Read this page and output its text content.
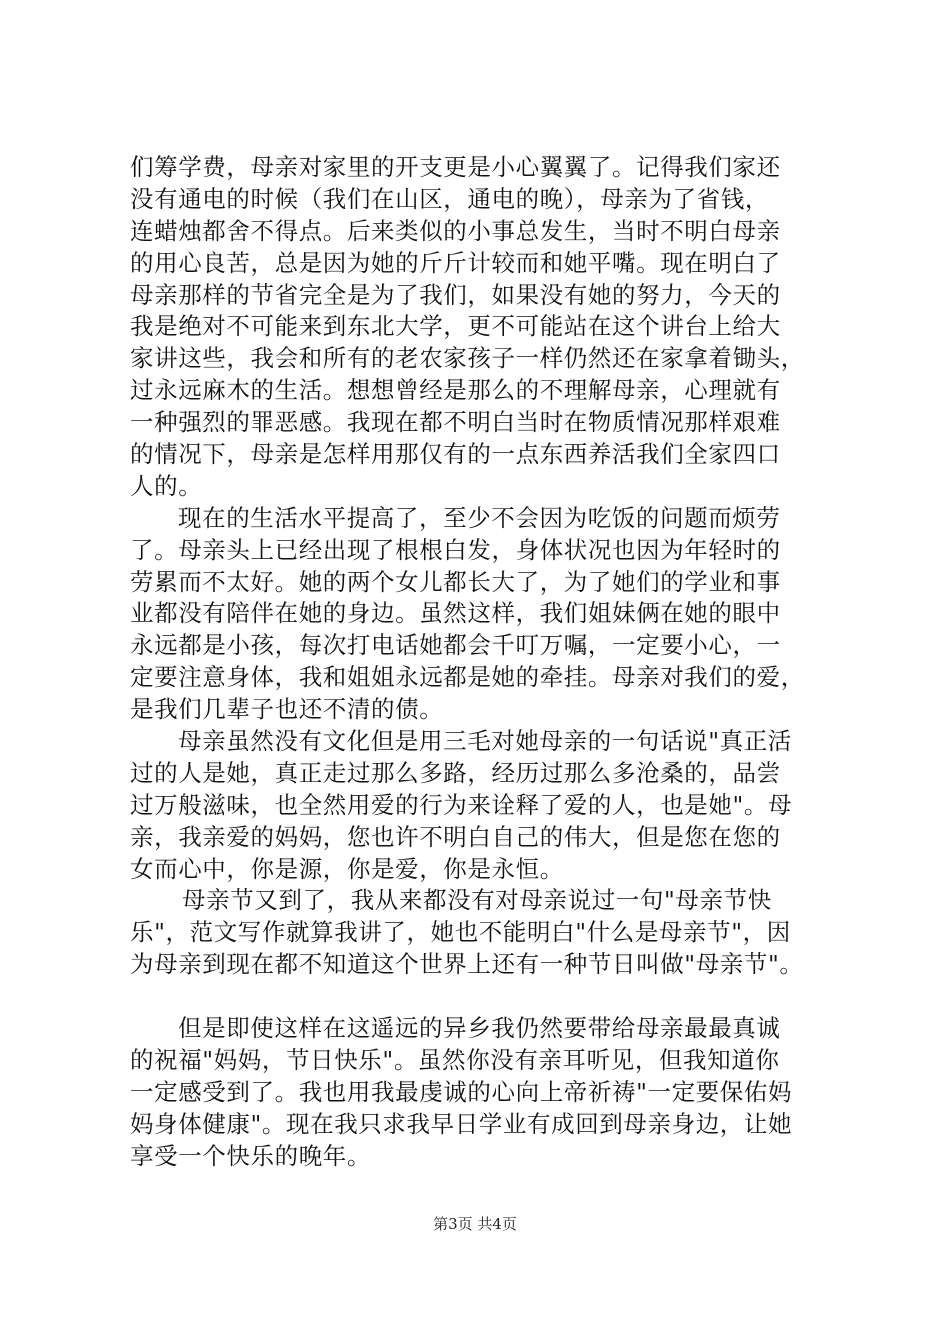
们筹学费，母亲对家里的开支更是小心翼翼了。记得我们家还
没有通电的时候（我们在山区，通电的晚），母亲为了省钱，
连蜡烛都舍不得点。后来类似的小事总发生，当时不明白母亲
的用心良苦，总是因为她的斤斤计较而和她平嘴。现在明白了
母亲那样的节省完全是为了我们，如果没有她的努力，今天的
我是绝对不可能来到东北大学，更不可能站在这个讲台上给大
家讲这些，我会和所有的老农家孩子一样仍然还在家拿着锄头，
过永远麻木的生活。想想曾经是那么的不理解母亲，心理就有
一种强烈的罪恶感。我现在都不明白当时在物质情况那样艰难
的情况下，母亲是怎样用那仅有的一点东西养活我们全家四口
人的。
现在的生活水平提高了，至少不会因为吃饭的问题而烦劳
了。母亲头上已经出现了根根白发，身体状况也因为年轻时的
劳累而不太好。她的两个女儿都长大了，为了她们的学业和事
业都没有陪伴在她的身边。虽然这样，我们姐妹俩在她的眼中
永远都是小孩，每次打电话她都会千叮万嘱，一定要小心，一
定要注意身体，我和姐姐永远都是她的牵挂。母亲对我们的爱，
是我们几辈子也还不清的债。
母亲虽然没有文化但是用三毛对她母亲的一句话说"真正活
过的人是她，真正走过那么多路，经历过那么多沧桑的，品尝
过万般滋味，也全然用爱的行为来诠释了爱的人，也是她"。母
亲，我亲爱的妈妈，您也许不明白自己的伟大，但是您在您的
女而心中，你是源，你是爱，你是永恒。
母亲节又到了，我从来都没有对母亲说过一句"母亲节快
乐"，范文写作就算我讲了，她也不能明白"什么是母亲节"，因
为母亲到现在都不知道这个世界上还有一种节日叫做"母亲节"。
但是即使这样在这遥远的异乡我仍然要带给母亲最最真诚
的祝福"妈妈，节日快乐"。虽然你没有亲耳听见，但我知道你
一定感受到了。我也用我最虔诚的心向上帝祈祷"一定要保佑妈
妈身体健康"。现在我只求我早日学业有成回到母亲身边，让她
享受一个快乐的晚年。
第3页 共4页
